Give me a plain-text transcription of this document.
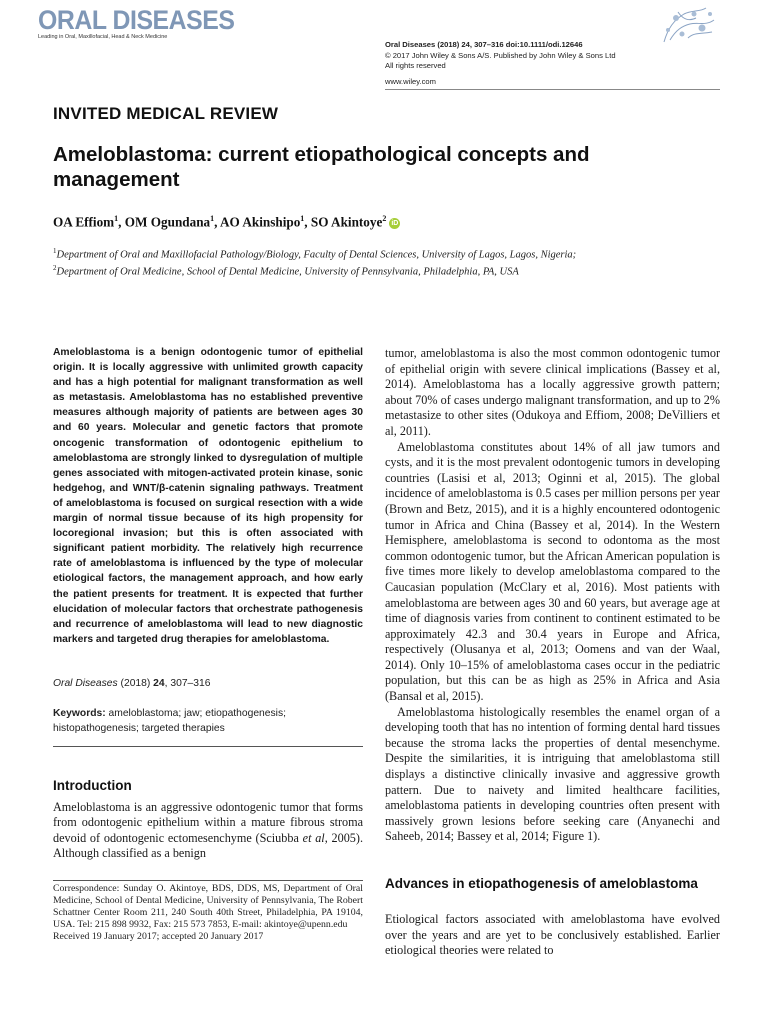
ORAL DISEASES
Leading in Oral, Maxillofacial, Head & Neck Medicine
Oral Diseases (2018) 24, 307–316 doi:10.1111/odi.12646
© 2017 John Wiley & Sons A/S. Published by John Wiley & Sons Ltd
All rights reserved
www.wiley.com
INVITED MEDICAL REVIEW
Ameloblastoma: current etiopathological concepts and management
OA Effiom$^1$, OM Ogundana$^1$, AO Akinshipo$^1$, SO Akintoye$^2$iD
$^1$Department of Oral and Maxillofacial Pathology/Biology, Faculty of Dental Sciences, University of Lagos, Lagos, Nigeria;
$^2$Department of Oral Medicine, School of Dental Medicine, University of Pennsylvania, Philadelphia, PA, USA
Ameloblastoma is a benign odontogenic tumor of epithelial origin. It is locally aggressive with unlimited growth capacity and has a high potential for malignant transformation as well as metastasis. Ameloblastoma has no established preventive measures although majority of patients are between ages 30 and 60 years. Molecular and genetic factors that promote oncogenic transformation of odontogenic epithelium to ameloblastoma are strongly linked to dysregulation of multiple genes associated with mitogen-activated protein kinase, sonic hedgehog, and WNT/β-catenin signaling pathways. Treatment of ameloblastoma is focused on surgical resection with a wide margin of normal tissue because of its high propensity for locoregional invasion; but this is often associated with significant patient morbidity. The relatively high recurrence rate of ameloblastoma is influenced by the type of molecular etiological factors, the management approach, and how early the patient presents for treatment. It is expected that further elucidation of molecular factors that orchestrate pathogenesis and recurrence of ameloblastoma will lead to new diagnostic markers and targeted drug therapies for ameloblastoma.
Oral Diseases (2018) 24, 307–316
Keywords: ameloblastoma; jaw; etiopathogenesis; histopathogenesis; targeted therapies
Introduction
Ameloblastoma is an aggressive odontogenic tumor that forms from odontogenic epithelium within a mature fibrous stroma devoid of odontogenic ectomesenchyme (Sciubba et al, 2005). Although classified as a benign
Correspondence: Sunday O. Akintoye, BDS, DDS, MS, Department of Oral Medicine, School of Dental Medicine, University of Pennsylvania, The Robert Schattner Center Room 211, 240 South 40th Street, Philadelphia, PA 19104, USA. Tel: 215 898 9932, Fax: 215 573 7853, E-mail: akintoye@upenn.edu
Received 19 January 2017; accepted 20 January 2017

tumor, ameloblastoma is also the most common odontogenic tumor of epithelial origin with severe clinical implications (Bassey et al, 2014). Ameloblastoma has a locally aggressive growth pattern; about 70% of cases undergo malignant transformation, and up to 2% metastasize to other sites (Odukoya and Effiom, 2008; DeVilliers et al, 2011).

Ameloblastoma constitutes about 14% of all jaw tumors and cysts, and it is the most prevalent odontogenic tumors in developing countries (Lasisi et al, 2013; Oginni et al, 2015). The global incidence of ameloblastoma is 0.5 cases per million persons per year (Brown and Betz, 2015), and it is a highly encountered odontogenic tumor in Africa and China (Bassey et al, 2014). In the Western Hemisphere, ameloblastoma is second to odontoma as the most common odontogenic tumor, but the African American population is five times more likely to develop ameloblastoma compared to the Caucasian population (McClary et al, 2016). Most patients with ameloblastoma are between ages 30 and 60 years, but average age at time of diagnosis varies from continent to continent estimated to be approximately 42.3 and 30.4 years in Europe and Africa, respectively (Olusanya et al, 2013; Oomens and van der Waal, 2014). Only 10–15% of ameloblastoma cases occur in the pediatric population, but this can be as high as 25% in Africa and Asia (Bansal et al, 2015).

Ameloblastoma histologically resembles the enamel organ of a developing tooth that has no intention of forming dental hard tissues because the stroma lacks the properties of dental mesenchyme. Despite the similarities, it is intriguing that ameloblastoma still displays a distinctive clinically invasive and aggressive growth pattern. Due to naivety and limited healthcare facilities, ameloblastoma patients in developing countries often present with massively grown lesions before seeking care (Anyanechi and Saheeb, 2014; Bassey et al, 2014; Figure 1).

Advances in etiopathogenesis of ameloblastoma
Etiological factors associated with ameloblastoma have evolved over the years and are yet to be conclusively established. Earlier etiological theories were related to
